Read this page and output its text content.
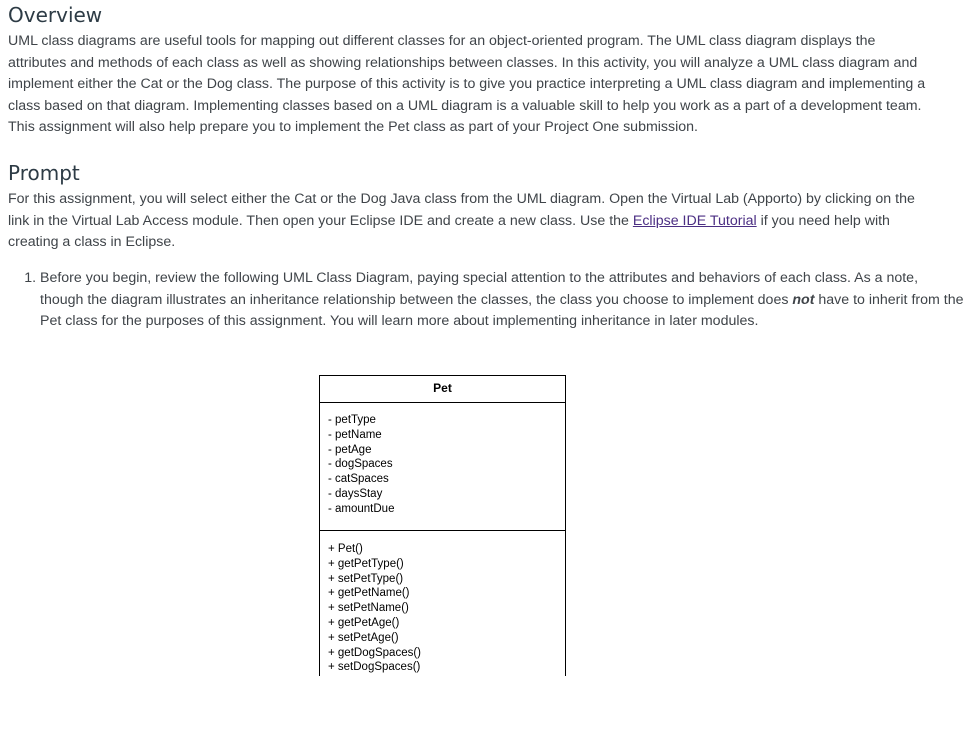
Overview

UML class diagrams are useful tools for mapping out different classes for an object-oriented program. The UML class diagram displays the attributes and methods of each class as well as showing relationships between classes. In this activity, you will analyze a UML class diagram and implement either the Cat or the Dog class. The purpose of this activity is to give you practice interpreting a UML class diagram and implementing a class based on that diagram. Implementing classes based on a UML diagram is a valuable skill to help you work as a part of a development team. This assignment will also help prepare you to implement the Pet class as part of your Project One submission.

Prompt

For this assignment, you will select either the Cat or the Dog Java class from the UML diagram. Open the Virtual Lab (Apporto) by clicking on the link in the Virtual Lab Access module. Then open your Eclipse IDE and create a new class. Use the Eclipse IDE Tutorial if you need help with creating a class in Eclipse.

1. Before you begin, review the following UML Class Diagram, paying special attention to the attributes and behaviors of each class. As a note, though the diagram illustrates an inheritance relationship between the classes, the class you choose to implement does not have to inherit from the Pet class for the purposes of this assignment. You will learn more about implementing inheritance in later modules.
Pet
- petType
- petName
- petAge
- dogSpaces
- catSpaces
- daysStay
- amountDue
+ Pet()
+ getPetType()
+ setPetType()
+ getPetName()
+ setPetName()
+ getPetAge()
+ setPetAge()
+ getDogSpaces()
+ setDogSpaces()
